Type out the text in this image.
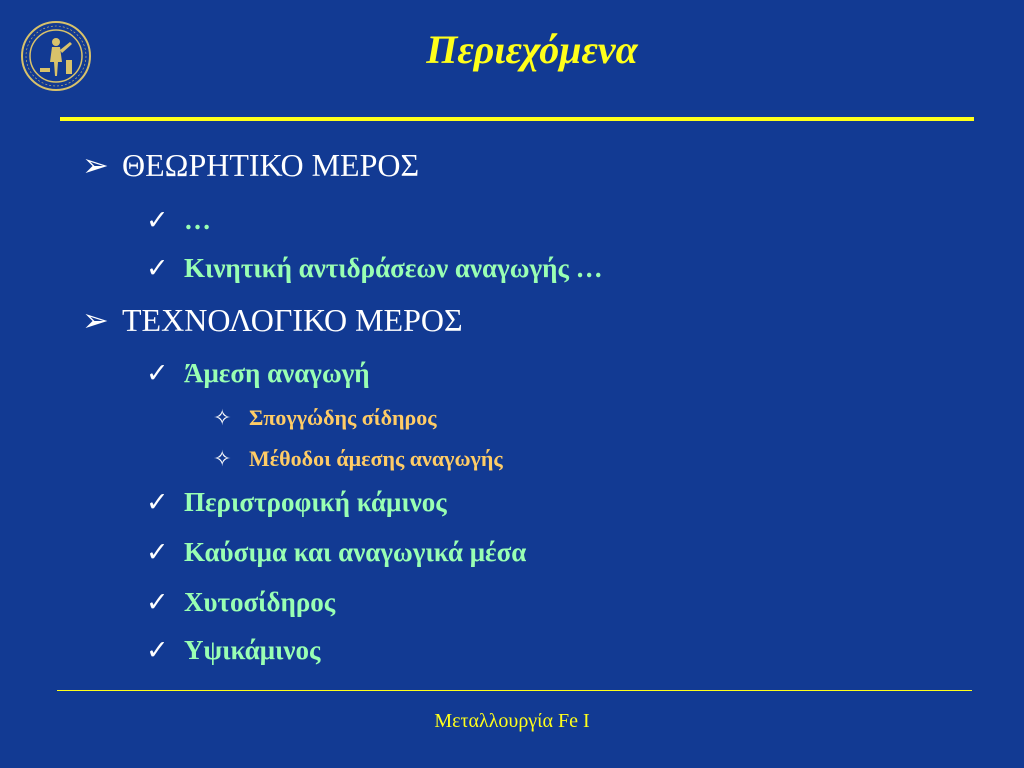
Περιεχόμενα
➢ ΘΕΩΡΗΤΙΚΟ ΜΕΡΟΣ
✓ …
✓ Κινητική αντιδράσεων αναγωγής …
➢ ΤΕΧΝΟΛΟΓΙΚΟ ΜΕΡΟΣ
✓ Άμεση αναγωγή
✧ Σπογγώδης σίδηρος
✧ Μέθοδοι άμεσης αναγωγής
✓ Περιστροφική κάμινος
✓ Καύσιμα και αναγωγικά μέσα
✓ Χυτοσίδηρος
✓ Υψικάμινος
Μεταλλουργία Fe I
